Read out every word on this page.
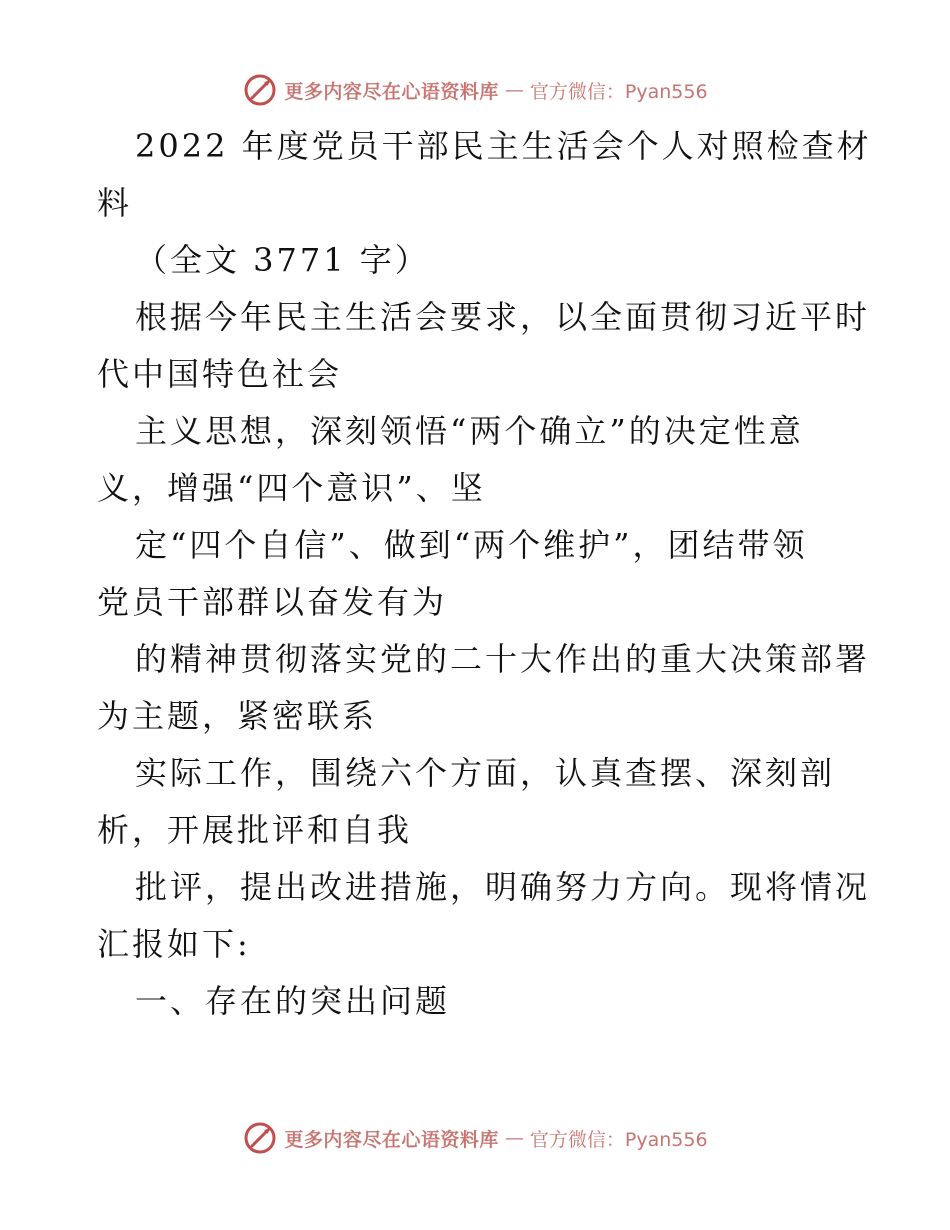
更多内容尽在心语资料库 — 官方微信：Pyan556
2022 年度党员干部民主生活会个人对照检查材
料
（全文 3771 字）
根据今年民主生活会要求，以全面贯彻习近平时
代中国特色社会
主义思想，深刻领悟“两个确立”的决定性意
义，增强“四个意识”、坚
定“四个自信”、做到“两个维护”，团结带领
党员干部群以奋发有为
的精神贯彻落实党的二十大作出的重大决策部署
为主题，紧密联系
实际工作，围绕六个方面，认真查摆、深刻剖
析，开展批评和自我
批评，提出改进措施，明确努力方向。现将情况
汇报如下:
一、存在的突出问题
更多内容尽在心语资料库 — 官方微信：Pyan556
